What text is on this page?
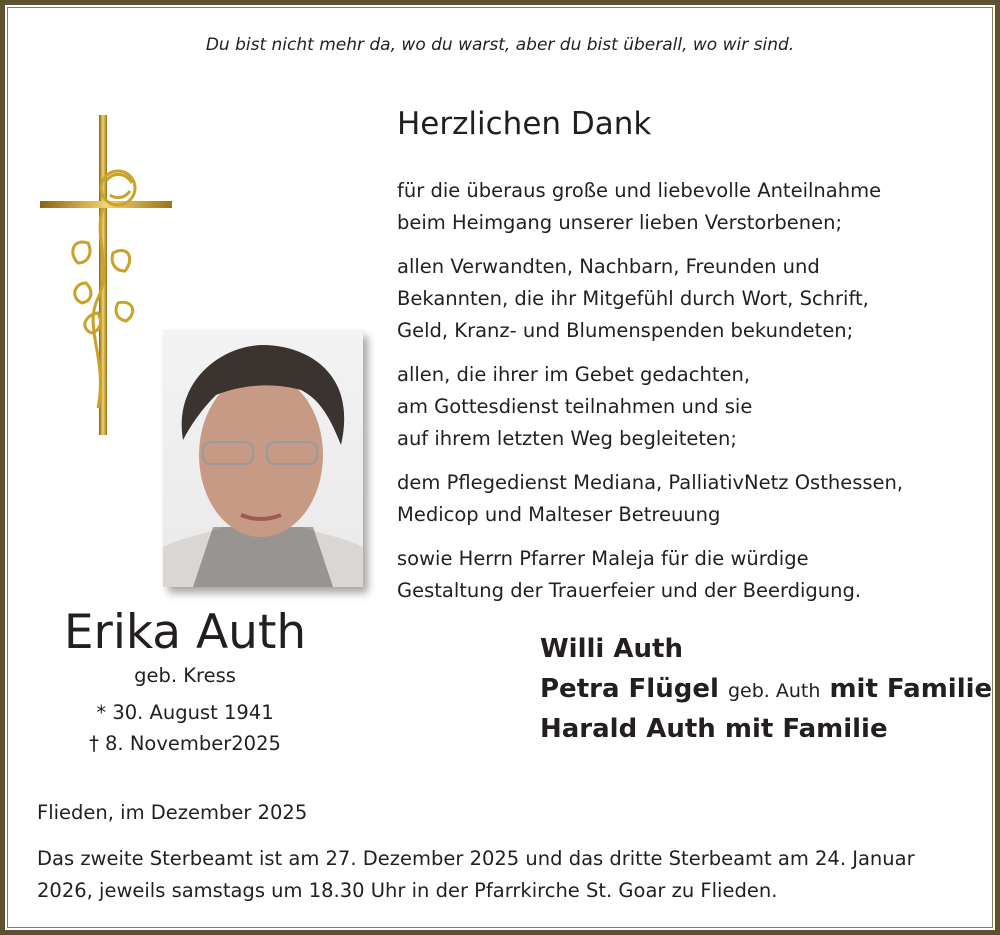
Du bist nicht mehr da, wo du warst, aber du bist überall, wo wir sind.
Herzlichen Dank

für die überaus große und liebevolle Anteilnahme
beim Heimgang unserer lieben Verstorbenen;

allen Verwandten, Nachbarn, Freunden und
Bekannten, die ihr Mitgefühl durch Wort, Schrift,
Geld, Kranz- und Blumenspenden bekundeten;

allen, die ihrer im Gebet gedachten,
am Gottesdienst teilnahmen und sie
auf ihrem letzten Weg begleiteten;

dem Pflegedienst Mediana, PalliativNetz Osthessen,
Medicop und Malteser Betreuung

sowie Herrn Pfarrer Maleja für die würdige
Gestaltung der Trauerfeier und der Beerdigung.

Erika Auth
geb. Kress
* 30. August 1941
† 8. November2025
Willi Auth
Petra Flügel geb. Auth mit Familie
Harald Auth mit Familie
Flieden, im Dezember 2025
Das zweite Sterbeamt ist am 27. Dezember 2025 und das dritte Sterbeamt am 24. Januar
2026, jeweils samstags um 18.30 Uhr in der Pfarrkirche St. Goar zu Flieden.
